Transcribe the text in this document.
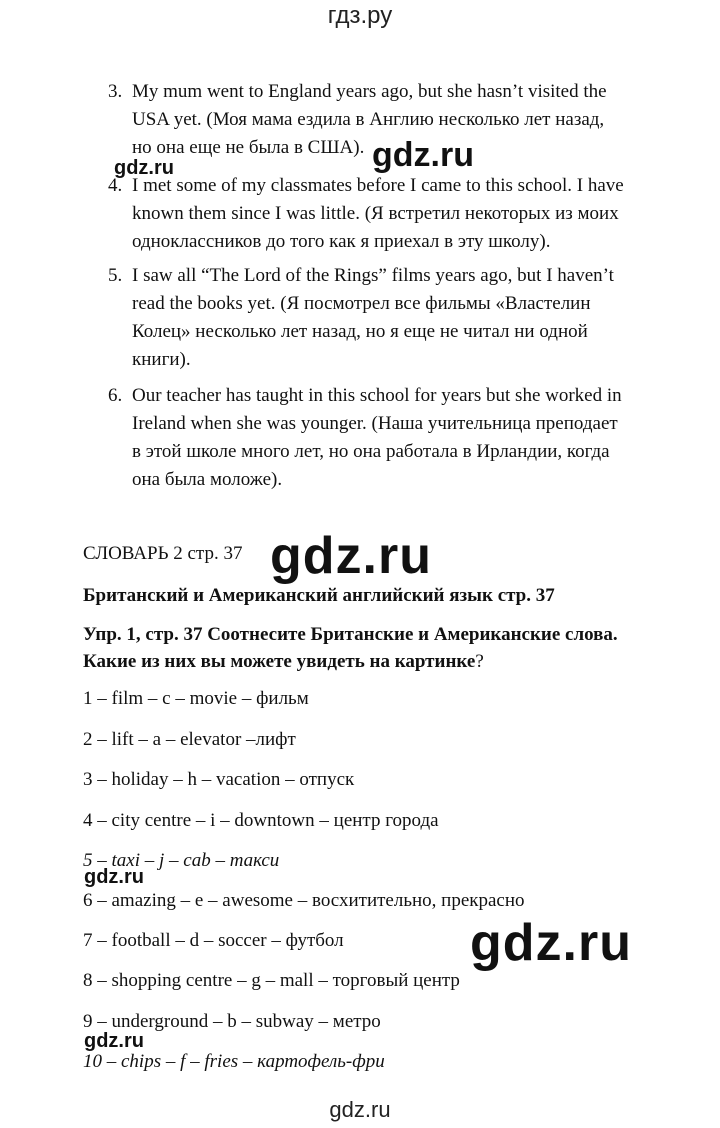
гдз.ру
3. My mum went to England years ago, but she hasn’t visited the
USA yet. (Моя мама ездила в Англию несколько лет назад,
но она еще не была в США).
4. I met some of my classmates before I came to this school. I have
known them since I was little. (Я встретил некоторых из моих
одноклассников до того как я приехал в эту школу).
5. I saw all “The Lord of the Rings” films years ago, but I haven’t
read the books yet. (Я посмотрел все фильмы «Властелин
Колец» несколько лет назад, но я еще не читал ни одной
книги).
6. Our teacher has taught in this school for years but she worked in
Ireland when she was younger. (Наша учительница преподает
в этой школе много лет, но она работала в Ирландии, когда
она была моложе).
СЛОВАРЬ 2 стр. 37
Британский и Американский английский язык стр. 37
Упр. 1, стр. 37 Соотнесите Британские и Американские слова.
Какие из них вы можете увидеть на картинке?
1 – film – c – movie – фильм
2 – lift – a – elevator –лифт
3 – holiday – h – vacation – отпуск
4 – city centre – i – downtown – центр города
5 – taxi – j – cab – такси
6 – amazing – e – awesome – восхитительно, прекрасно
7 – football – d – soccer – футбол
8 – shopping centre – g – mall – торговый центр
9 – underground – b – subway – метро
10 – chips – f – fries – картофель-фри
gdz.ru
gdz.ru
gdz.ru
gdz.ru
gdz.ru
gdz.ru
gdz.ru
